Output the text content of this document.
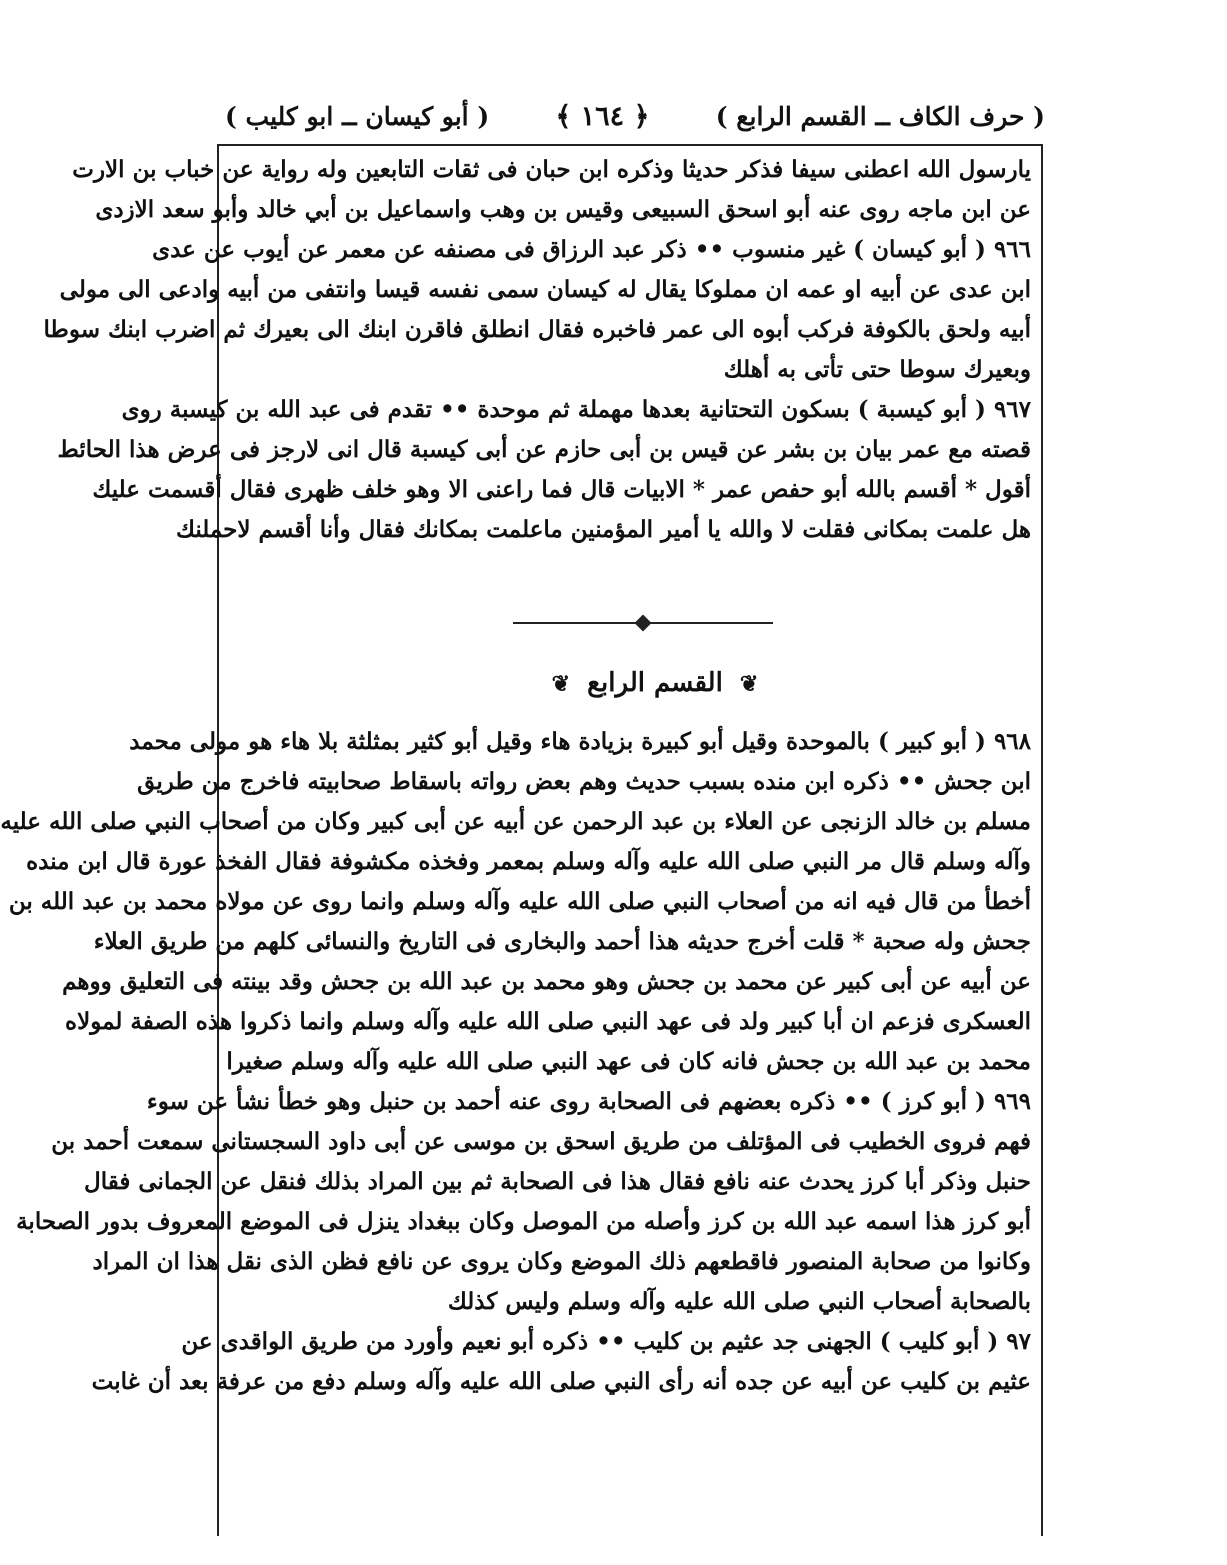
( حرف الكاف ــ القسم الرابع )
﴿ ١٦٤ ﴾
( أبو كيسان ــ ابو كليب )
يارسول الله اعطنى سيفا فذكر حديثا وذكره ابن حبان فى ثقات التابعين وله رواية عن خباب بن الارت
عن ابن ماجه روى عنه أبو اسحق السبيعى وقيس بن وهب واسماعيل بن أبي خالد وأبو سعد الازدى
٩٦٦ ( أبو كيسان ) غير منسوب •• ذكر عبد الرزاق فى مصنفه عن معمر عن أيوب عن عدى
ابن عدى عن أبيه او عمه ان مملوكا يقال له كيسان سمى نفسه قيسا وانتفى من أبيه وادعى الى مولى
أبيه ولحق بالكوفة فركب أبوه الى عمر فاخبره فقال انطلق فاقرن ابنك الى بعيرك ثم اضرب ابنك سوطا
وبعيرك سوطا حتى تأتى به أهلك
٩٦٧ ( أبو كيسبة ) بسكون التحتانية بعدها مهملة ثم موحدة •• تقدم فى عبد الله بن كيسبة روى
قصته مع عمر بيان بن بشر عن قيس بن أبى حازم عن أبى كيسبة قال انى لارجز فى عرض هذا الحائط
أقول * أقسم بالله أبو حفص عمر * الابيات قال فما راعنى الا وهو خلف ظهرى فقال أقسمت عليك
هل علمت بمكانى فقلت لا والله يا أمير المؤمنين ماعلمت بمكانك فقال وأنا أقسم لاحملنك
❦ القسم الرابع ❦
٩٦٨ ( أبو كبير ) بالموحدة وقيل أبو كبيرة بزيادة هاء وقيل أبو كثير بمثلثة بلا هاء هو مولى محمد
ابن جحش •• ذكره ابن منده بسبب حديث وهم بعض رواته باسقاط صحابيته فاخرج من طريق
مسلم بن خالد الزنجى عن العلاء بن عبد الرحمن عن أبيه عن أبى كبير وكان من أصحاب النبي صلى الله عليه
وآله وسلم قال مر النبي صلى الله عليه وآله وسلم بمعمر وفخذه مكشوفة فقال الفخذ عورة قال ابن منده
أخطأ من قال فيه انه من أصحاب النبي صلى الله عليه وآله وسلم وانما روى عن مولاه محمد بن عبد الله بن
جحش وله صحبة * قلت أخرج حديثه هذا أحمد والبخارى فى التاريخ والنسائى كلهم من طريق العلاء
عن أبيه عن أبى كبير عن محمد بن جحش وهو محمد بن عبد الله بن جحش وقد بينته فى التعليق ووهم
العسكرى فزعم ان أبا كبير ولد فى عهد النبي صلى الله عليه وآله وسلم وانما ذكروا هذه الصفة لمولاه
محمد بن عبد الله بن جحش فانه كان فى عهد النبي صلى الله عليه وآله وسلم صغيرا
٩٦٩ ( أبو كرز ) •• ذكره بعضهم فى الصحابة روى عنه أحمد بن حنبل وهو خطأ نشأ عن سوء
فهم فروى الخطيب فى المؤتلف من طريق اسحق بن موسى عن أبى داود السجستانى سمعت أحمد بن
حنبل وذكر أبا كرز يحدث عنه نافع فقال هذا فى الصحابة ثم بين المراد بذلك فنقل عن الجمانى فقال
أبو كرز هذا اسمه عبد الله بن كرز وأصله من الموصل وكان ببغداد ينزل فى الموضع المعروف بدور الصحابة
وكانوا من صحابة المنصور فاقطعهم ذلك الموضع وكان يروى عن نافع فظن الذى نقل هذا ان المراد
بالصحابة أصحاب النبي صلى الله عليه وآله وسلم وليس كذلك
٩٧ ( أبو كليب ) الجهنى جد عثيم بن كليب •• ذكره أبو نعيم وأورد من طريق الواقدى عن
عثيم بن كليب عن أبيه عن جده أنه رأى النبي صلى الله عليه وآله وسلم دفع من عرفة بعد أن غابت
